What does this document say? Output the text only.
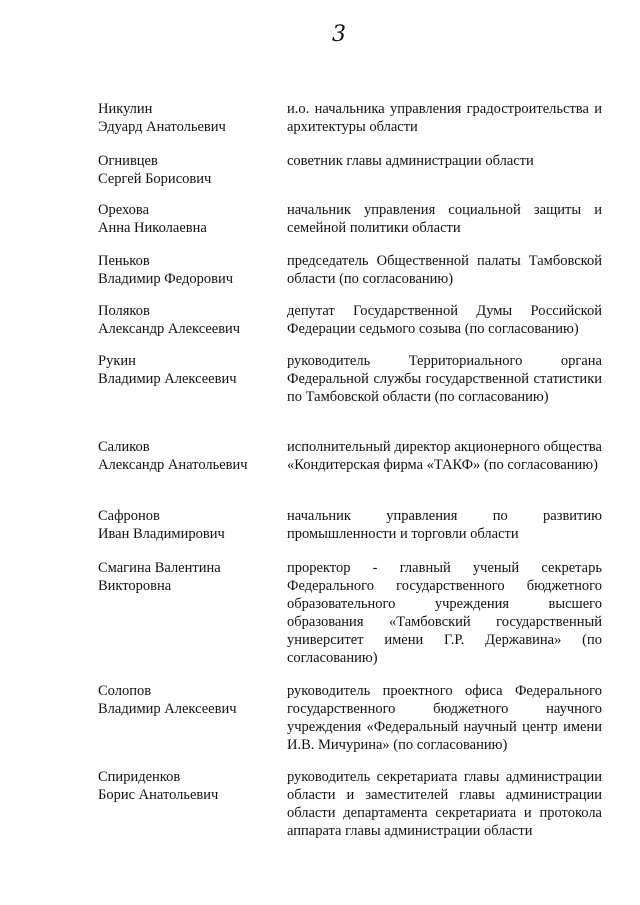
3
Никулин
Эдуард Анатольевич
и.о. начальника управления градостроительства и архитектуры области
Огнивцев
Сергей Борисович
советник главы администрации области
Орехова
Анна Николаевна
начальник управления социальной защиты и семейной политики области
Пеньков
Владимир Федорович
председатель Общественной палаты Тамбовской области (по согласованию)
Поляков
Александр Алексеевич
депутат Государственной Думы Российской Федерации седьмого созыва (по согласованию)
Рукин
Владимир Алексеевич
руководитель Территориального органа Федеральной службы государственной статистики по Тамбовской области (по согласованию)
Саликов
Александр Анатольевич
исполнительный директор акционерного общества «Кондитерская фирма «ТАКФ» (по согласованию)
Сафронов
Иван Владимирович
начальник управления по развитию промышленности и торговли области
Смагина Валентина
Викторовна
проректор - главный ученый секретарь Федерального государственного бюджетного образовательного учреждения высшего образования «Тамбовский государственный университет имени Г.Р. Державина» (по согласованию)
Солопов
Владимир Алексеевич
руководитель проектного офиса Федерального государственного бюджетного научного учреждения «Федеральный научный центр имени И.В. Мичурина» (по согласованию)
Спириденков
Борис Анатольевич
руководитель секретариата главы администрации области и заместителей главы администрации области департамента секретариата и протокола аппарата главы администрации области
